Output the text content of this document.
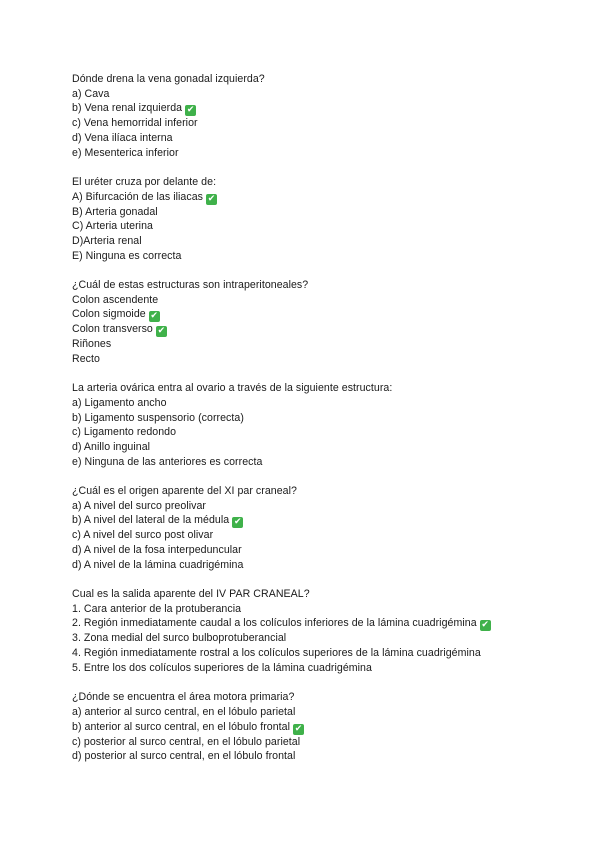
Dónde drena la vena gonadal izquierda?
a) Cava
b) Vena renal izquierda ✔
c) Vena hemorridal inferior
d) Vena ilíaca interna
e) Mesenterica inferior
El uréter cruza por delante de:
A) Bifurcación de las iliacas ✔
B) Arteria gonadal
C) Arteria uterina
D)Arteria renal
E) Ninguna es correcta
¿Cuál de estas estructuras son intraperitoneales?
Colon ascendente
Colon sigmoide ✔
Colon transverso ✔
Riñones
Recto
La arteria ovárica entra al ovario a través de la siguiente estructura:
a) Ligamento ancho
b) Ligamento suspensorio (correcta)
c) Ligamento redondo
d) Anillo inguinal
e) Ninguna de las anteriores es correcta
¿Cuál es el origen aparente del XI par craneal?
a) A nivel del surco preolivar
b) A nivel del lateral de la médula ✔
c) A nivel del surco post olivar
d) A nivel de la fosa interpeduncular
d) A nivel de la lámina cuadrigémina
Cual es la salida aparente del IV PAR CRANEAL?
1. Cara anterior de la protuberancia
2. Región inmediatamente caudal a los colículos inferiores de la lámina cuadrigémina ✔
3. Zona medial del surco bulboprotuberancial
4. Región inmediatamente rostral a los colículos superiores de la lámina cuadrigémina
5. Entre los dos colículos superiores de la lámina cuadrigémina
¿Dónde se encuentra el área motora primaria?
a) anterior al surco central, en el lóbulo parietal
b) anterior al surco central, en el lóbulo frontal ✔
c) posterior al surco central, en el lóbulo parietal
d) posterior al surco central, en el lóbulo frontal
